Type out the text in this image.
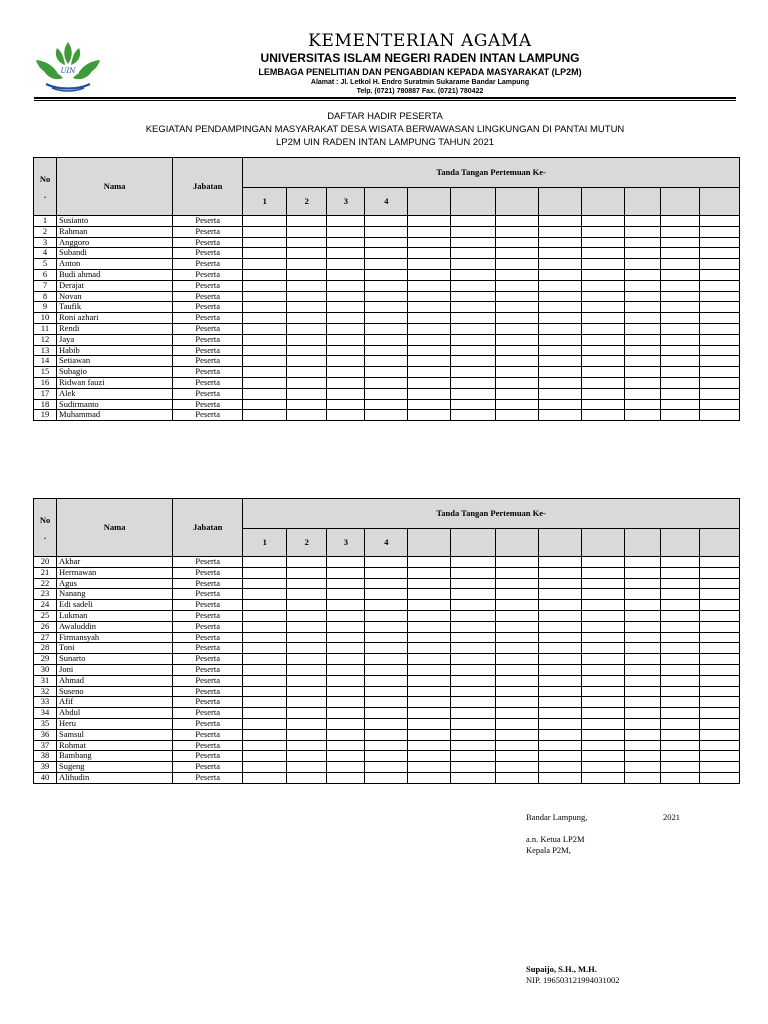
UIN
KEMENTERIAN AGAMA
UNIVERSITAS ISLAM NEGERI RADEN INTAN LAMPUNG
LEMBAGA PENELITIAN DAN PENGABDIAN KEPADA MASYARAKAT (LP2M)
Alamat : Jl. Letkol H. Endro Suratmin Sukarame Bandar Lampung
Telp. (0721) 780887 Fax. (0721) 780422
DAFTAR HADIR PESERTA
KEGIATAN PENDAMPINGAN MASYARAKAT DESA WISATA BERWAWASAN LINGKUNGAN DI PANTAI MUTUN
LP2M UIN RADEN INTAN LAMPUNG TAHUN 2021
No
.	Nama	Jabatan	Tanda Tangan Pertemuan Ke-											
			1	2	3	4								
1	Susianto	Peserta												
2	Rahman	Peserta												
3	Anggoro	Peserta												
4	Subandi	Peserta												
5	Anton	Peserta												
6	Budi ahmad	Peserta												
7	Derajat	Peserta												
8	Novan	Peserta												
9	Taufik	Peserta												
10	Roni azhari	Peserta												
11	Rendi	Peserta												
12	Jaya	Peserta												
13	Habib	Peserta												
14	Setiawan	Peserta												
15	Subagio	Peserta												
16	Ridwan fauzi	Peserta												
17	Alek	Peserta												
18	Sudirmanto	Peserta												
19	Muhammad	Peserta												
No
.	Nama	Jabatan	Tanda Tangan Pertemuan Ke-											
			1	2	3	4								
20	Akbar	Peserta												
21	Hermawan	Peserta												
22	Agus	Peserta												
23	Nanang	Peserta												
24	Edi sadeli	Peserta												
25	Lukman	Peserta												
26	Awaluddin	Peserta												
27	Firmansyah	Peserta												
28	Toni	Peserta												
29	Sunarto	Peserta												
30	Joni	Peserta												
31	Ahmad	Peserta												
32	Suseno	Peserta												
33	Afif	Peserta												
34	Abdul	Peserta												
35	Heru	Peserta												
36	Samsul	Peserta												
37	Rohmat	Peserta												
38	Bambang	Peserta												
39	Sugeng	Peserta												
40	Alihudin	Peserta												
Bandar Lampung,	2021
a.n. Ketua LP2M
Kepala P2M,
Supaijo, S.H., M.H.
NIP. 196503121994031002
